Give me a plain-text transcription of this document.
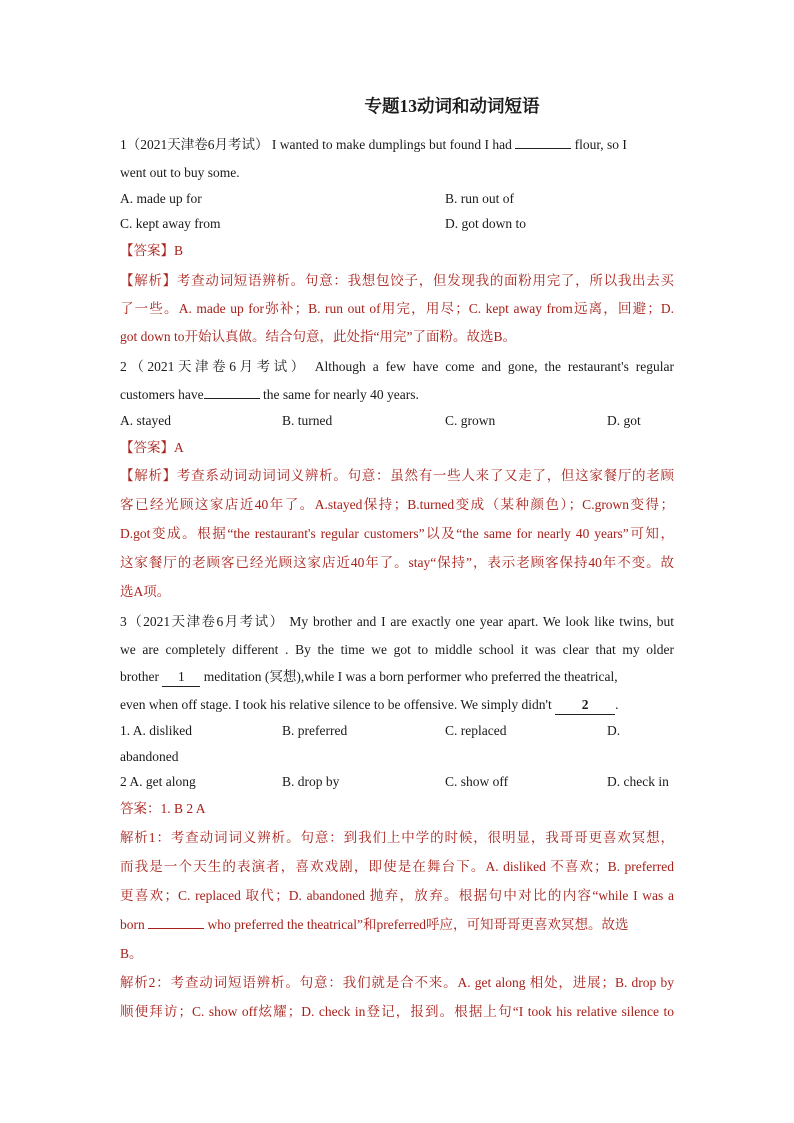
专题13动词和动词短语
1（2021天津卷6月考试） I wanted to make dumplings but found I had	flour, so I
went out to buy some.
A. made up for	B. run out of
C. kept away from	D. got down to
【答案】B
【解析】考查动词短语辨析。句意：我想包饺子，但发现我的面粉用完了，所以我出去买
了一些。A. made up for弥补；B. run out of用完，用尽；C. kept away from远离，回避；D.
got down to开始认真做。结合句意，此处指“用完”了面粉。故选B。
2（2021天津卷6月考试） Although a few have come and gone, the restaurant's regular
customers have	the same for nearly 40 years.
A. stayed	B. turned	C. grown	D. got
【答案】A
【解析】考查系动词动词词义辨析。句意：虽然有一些人来了又走了，但这家餐厅的老顾
客已经光顾这家店近40年了。A.stayed保持；B.turned变成（某种颜色）；C.grown变得；
D.got变成。根据“the restaurant's regular customers”以及“the same for nearly 40 years”可知，
这家餐厅的老顾客已经光顾这家店近40年了。stay“保持”，表示老顾客保持40年不变。故
选A项。
3（2021天津卷6月考试） My brother and I are exactly one year apart. We look like twins, but
we are completely different . By the time we got to middle school it was clear that my older
brother 1 meditation (冥想),while I was a born performer who preferred the theatrical,
even when off stage. I took his relative silence to be offensive. We simply didn't 2 .
1. A. disliked	B. preferred	C. replaced	D.
abandoned
2 A. get along	B. drop by	C. show off	D. check in
答案：1. B 2 A
解析1：考查动词词义辨析。句意：到我们上中学的时候，很明显，我哥哥更喜欢冥想，
而我是一个天生的表演者，喜欢戏剧，即使是在舞台下。A. disliked 不喜欢；B. preferred
更喜欢；C. replaced 取代；D. abandoned 抛弃，放弃。根据句中对比的内容“while I was a
born	who preferred the theatrical”和preferred呼应，可知哥哥更喜欢冥想。故选
B。
解析2：考查动词短语辨析。句意：我们就是合不来。A. get along 相处，进展；B. drop by
顺便拜访；C. show off炫耀；D. check in登记，报到。根据上句“I took his relative silence to
